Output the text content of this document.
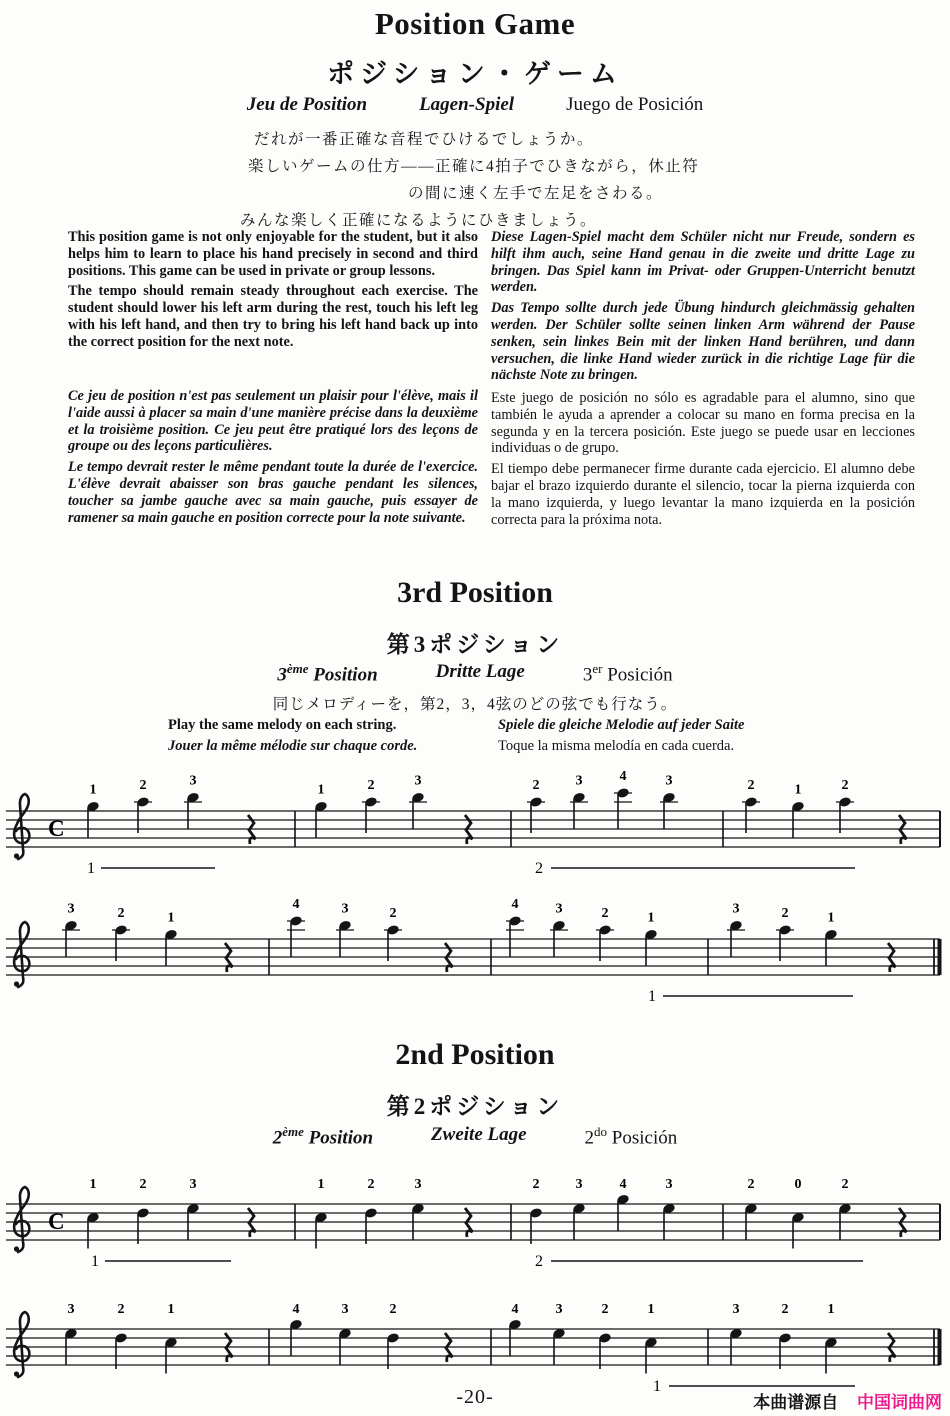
Position Game
ポジション・ゲーム
Jeu de Position	Lagen-Spiel	Juego de Posición
だれが一番正確な音程でひけるでしょうか。
楽しいゲームの仕方——正確に4拍子でひきながら，休止符
の間に速く左手で左足をさわる。
みんな楽しく正確になるようにひきましょう。

This position game is not only enjoyable for the student, but it also helps him to learn to place his hand precisely in second and third positions. This game can be used in private or group lessons.

The tempo should remain steady throughout each exercise. The student should lower his left arm during the rest, touch his left leg with his left hand, and then try to bring his left hand back up into the correct position for the next note.

Diese Lagen-Spiel macht dem Schüler nicht nur Freude, sondern es hilft ihm auch, seine Hand genau in die zweite und dritte Lage zu bringen. Das Spiel kann im Privat- oder Gruppen-Unterricht benutzt werden.

Das Tempo sollte durch jede Übung hindurch gleichmässig gehalten werden. Der Schüler sollte seinen linken Arm während der Pause senken, sein linkes Bein mit der linken Hand berühren, und dann versuchen, die linke Hand wieder zurück in die richtige Lage für die nächste Note zu bringen.

Ce jeu de position n'est pas seulement un plaisir pour l'élève, mais il l'aide aussi à placer sa main d'une manière précise dans la deuxième et la troisième position. Ce jeu peut être pratiqué lors des leçons de groupe ou des leçons particulières.

Le tempo devrait rester le même pendant toute la durée de l'exercice. L'élève devrait abaisser son bras gauche pendant les silences, toucher sa jambe gauche avec sa main gauche, puis essayer de ramener sa main gauche en position correcte pour la note suivante.

Este juego de posición no sólo es agradable para el alumno, sino que también le ayuda a aprender a colocar su mano en forma precisa en la segunda y en la tercera posición. Este juego se puede usar en lecciones individuas o de grupo.

El tiempo debe permanecer firme durante cada ejercicio. El alumno debe bajar el brazo izquierdo durante el silencio, tocar la pierna izquierda con la mano izquierda, y luego levantar la mano izquierda en la posición correcta para la próxima nota.

3rd Position
第3ポジション
3ème Position	Dritte Lage	3er Posición
同じメロディーを，第2，3，4弦のどの弦でも行なう。
Play the same melody on each string.
Jouer la même mélodie sur chaque corde.
Spiele die gleiche Melodie auf jeder Saite
Toque la misma melodía en cada cuerda.
C
1	2	3
1	2	3	2	3	4	3	2	1	2
1	2
3	2	1
4	3	2
4	3	2	1
3	2	1
1
2nd Position
第2ポジション
2ème Position	Zweite Lage	$2^{do}$ Posición
C
1	2	3	1	2	3	2	3	4	3	2	0	2
1	2
3	2	1	4	3	2	4	3	2	1	3	2	1
1
-20-	本曲谱源自 中国词曲网
